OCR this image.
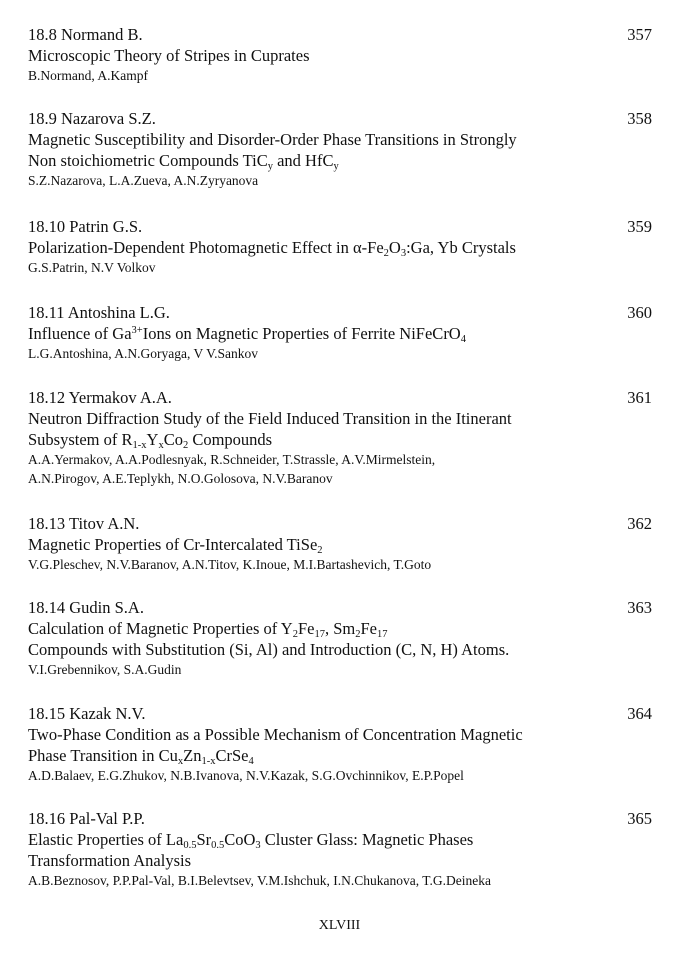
18.8 Normand B.	357
Microscopic Theory of Stripes in Cuprates
B.Normand, A.Kampf
18.9 Nazarova S.Z.	358
Magnetic Susceptibility and Disorder-Order Phase Transitions in Strongly
Non stoichiometric Compounds TiC$_y$ and HfC$_y$
S.Z.Nazarova, L.A.Zueva, A.N.Zyryanova
18.10 Patrin G.S.	359
Polarization-Dependent Photomagnetic Effect in $\alpha-Fe_2O_3:Ga$, Yb Crystals
G.S.Patrin, N.V Volkov
18.11 Antoshina L.G.	360
Influence of $Ga^{3+}Ions$ on Magnetic Properties of Ferrite NiFeCrO$_4$
L.G.Antoshina, A.N.Goryaga, V V.Sankov
18.12 Yermakov A.A.	361
Neutron Diffraction Study of the Field Induced Transition in the Itinerant
Subsystem of $R_{1-x}Y_xCo_2$ Compounds
A.A.Yermakov, A.A.Podlesnyak, R.Schneider, T.Strassle, A.V.Mirmelstein,
A.N.Pirogov, A.E.Teplykh, N.O.Golosova, N.V.Baranov
18.13 Titov A.N.	362
Magnetic Properties of Cr-Intercalated TiSe$_2$
V.G.Pleschev, N.V.Baranov, A.N.Titov, K.Inoue, M.I.Bartashevich, T.Goto
18.14 Gudin S.A.	363
Calculation of Magnetic Properties of $Y_2Fe_{17}$, $Sm_2Fe_{17}$
Compounds with Substitution (Si, Al) and Introduction (C, N, H) Atoms.
V.I.Grebennikov, S.A.Gudin
18.15 Kazak N.V.	364
Two-Phase Condition as a Possible Mechanism of Concentration Magnetic
Phase Transition in $Cu_xZn_{1-x}CrSe_4$
A.D.Balaev, E.G.Zhukov, N.B.Ivanova, N.V.Kazak, S.G.Ovchinnikov, E.P.Popel
18.16 Pal-Val P.P.	365
Elastic Properties of $La_{0.5}Sr_{0.5}CoO_3$ Cluster Glass: Magnetic Phases
Transformation Analysis
A.B.Beznosov, P.P.Pal-Val, B.I.Belevtsev, V.M.Ishchuk, I.N.Chukanova, T.G.Deineka
XLVIII
